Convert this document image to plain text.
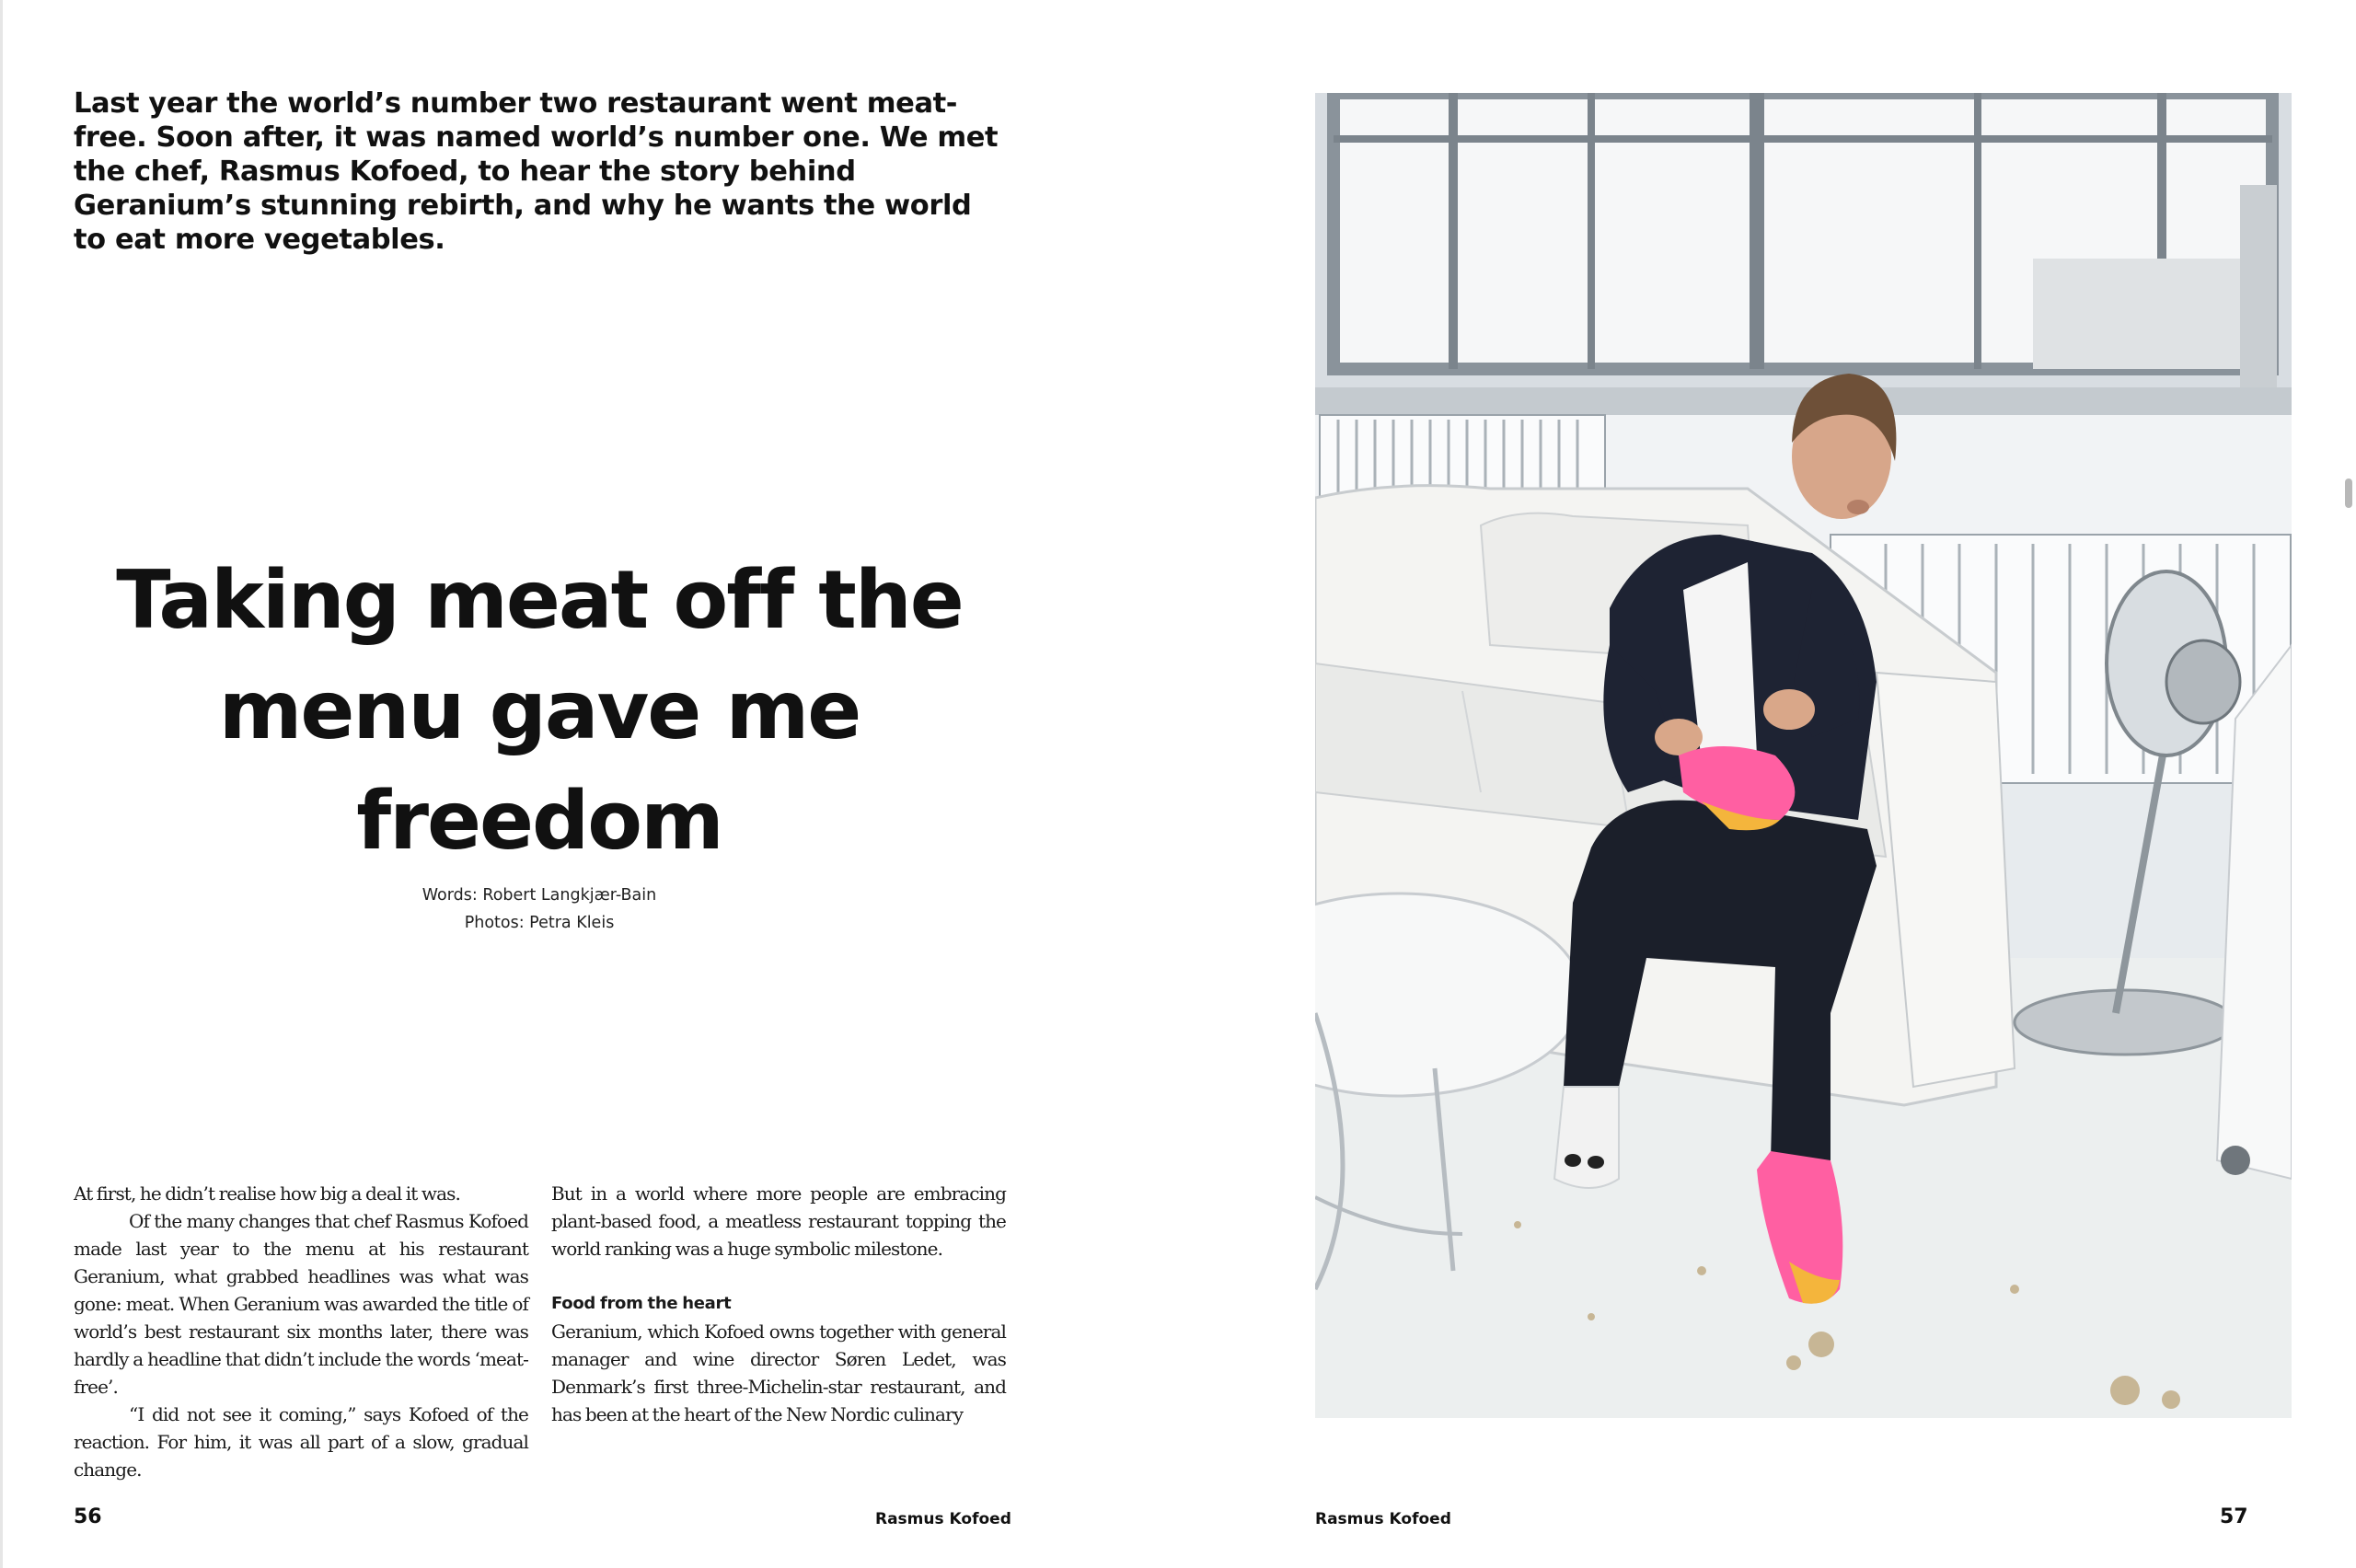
Last year the world’s number two restaurant went meat-free. Soon after, it was named world’s number one. We met the chef, Rasmus Kofoed, to hear the story behind Geranium’s stunning rebirth, and why he wants the world to eat more vegetables.
Taking meat off the
menu gave me freedom
Words: Robert Langkjær-Bain
Photos: Petra Kleis

At first, he didn’t realise how big a deal it was.

Of the many changes that chef Rasmus Kofoed made last year to the menu at his restaurant Geranium, what grabbed headlines was what was gone: meat. When Geranium was awarded the title of world’s best restaurant six months later, there was hardly a headline that didn’t include the words ‘meat-free’.

“I did not see it coming,” says Kofoed of the reaction. For him, it was all part of a slow, gradual change.

But in a world where more people are embracing plant-based food, a meatless restaurant topping the world ranking was a huge symbolic milestone.

Food from the heart

Geranium, which Kofoed owns together with general manager and wine director Søren Ledet, was Denmark’s first three-Michelin-star restaurant, and has been at the heart of the New Nordic culinary

56	Rasmus Kofoed	Rasmus Kofoed	57
